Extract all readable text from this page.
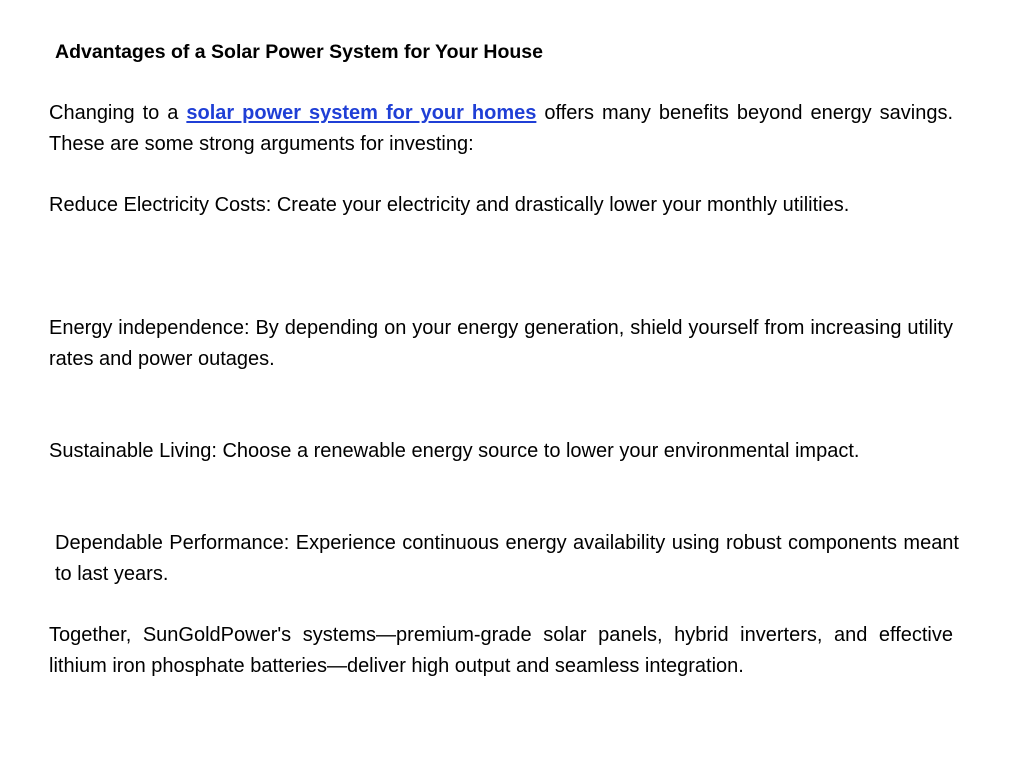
Advantages of a Solar Power System for Your House

Changing to a solar power system for your homes offers many benefits beyond energy savings. These are some strong arguments for investing:

Reduce Electricity Costs: Create your electricity and drastically lower your monthly utilities.

Energy independence: By depending on your energy generation, shield yourself from increasing utility rates and power outages.

Sustainable Living: Choose a renewable energy source to lower your environmental impact.

Dependable Performance: Experience continuous energy availability using robust components meant to last years.

Together, SunGoldPower's systems—premium-grade solar panels, hybrid inverters, and effective lithium iron phosphate batteries—deliver high output and seamless integration.
